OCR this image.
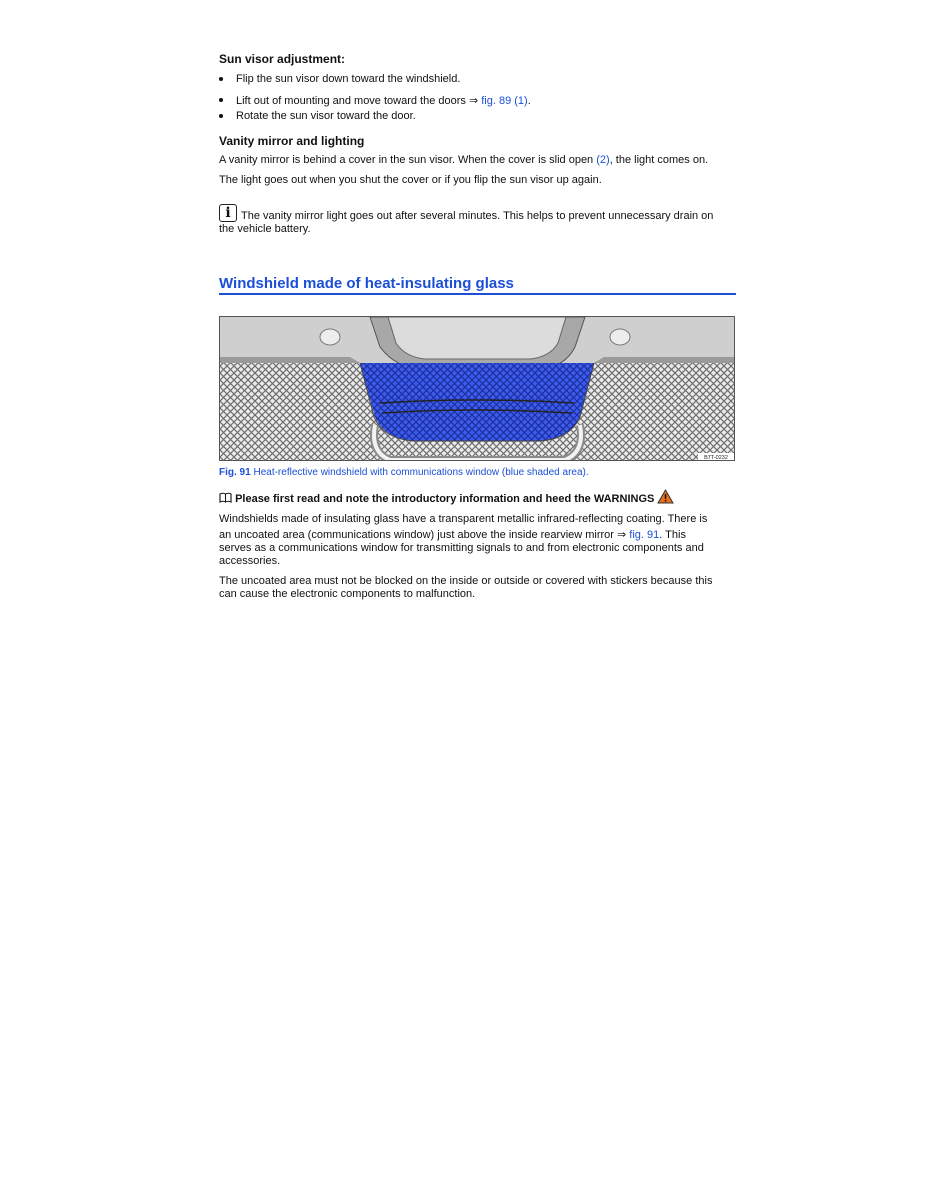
Sun visor adjustment:
Flip the sun visor down toward the windshield.
Lift out of mounting and move toward the doors ⇒ fig. 89 (1).
Rotate the sun visor toward the door.
Vanity mirror and lighting
A vanity mirror is behind a cover in the sun visor. When the cover is slid open (2), the light comes on.
The light goes out when you shut the cover or if you flip the sun visor up again.
i The vanity mirror light goes out after several minutes. This helps to prevent unnecessary drain on
the vehicle battery.
Windshield made of heat-insulating glass
B7T-0232
Fig. 91 Heat-reflective windshield with communications window (blue shaded area).
Please first read and note the introductory information and heed the WARNINGS
Windshields made of insulating glass have a transparent metallic infrared-reflecting coating. There is
an uncoated area (communications window) just above the inside rearview mirror ⇒ fig. 91. This
serves as a communications window for transmitting signals to and from electronic components and
accessories.
The uncoated area must not be blocked on the inside or outside or covered with stickers because this
can cause the electronic components to malfunction.
